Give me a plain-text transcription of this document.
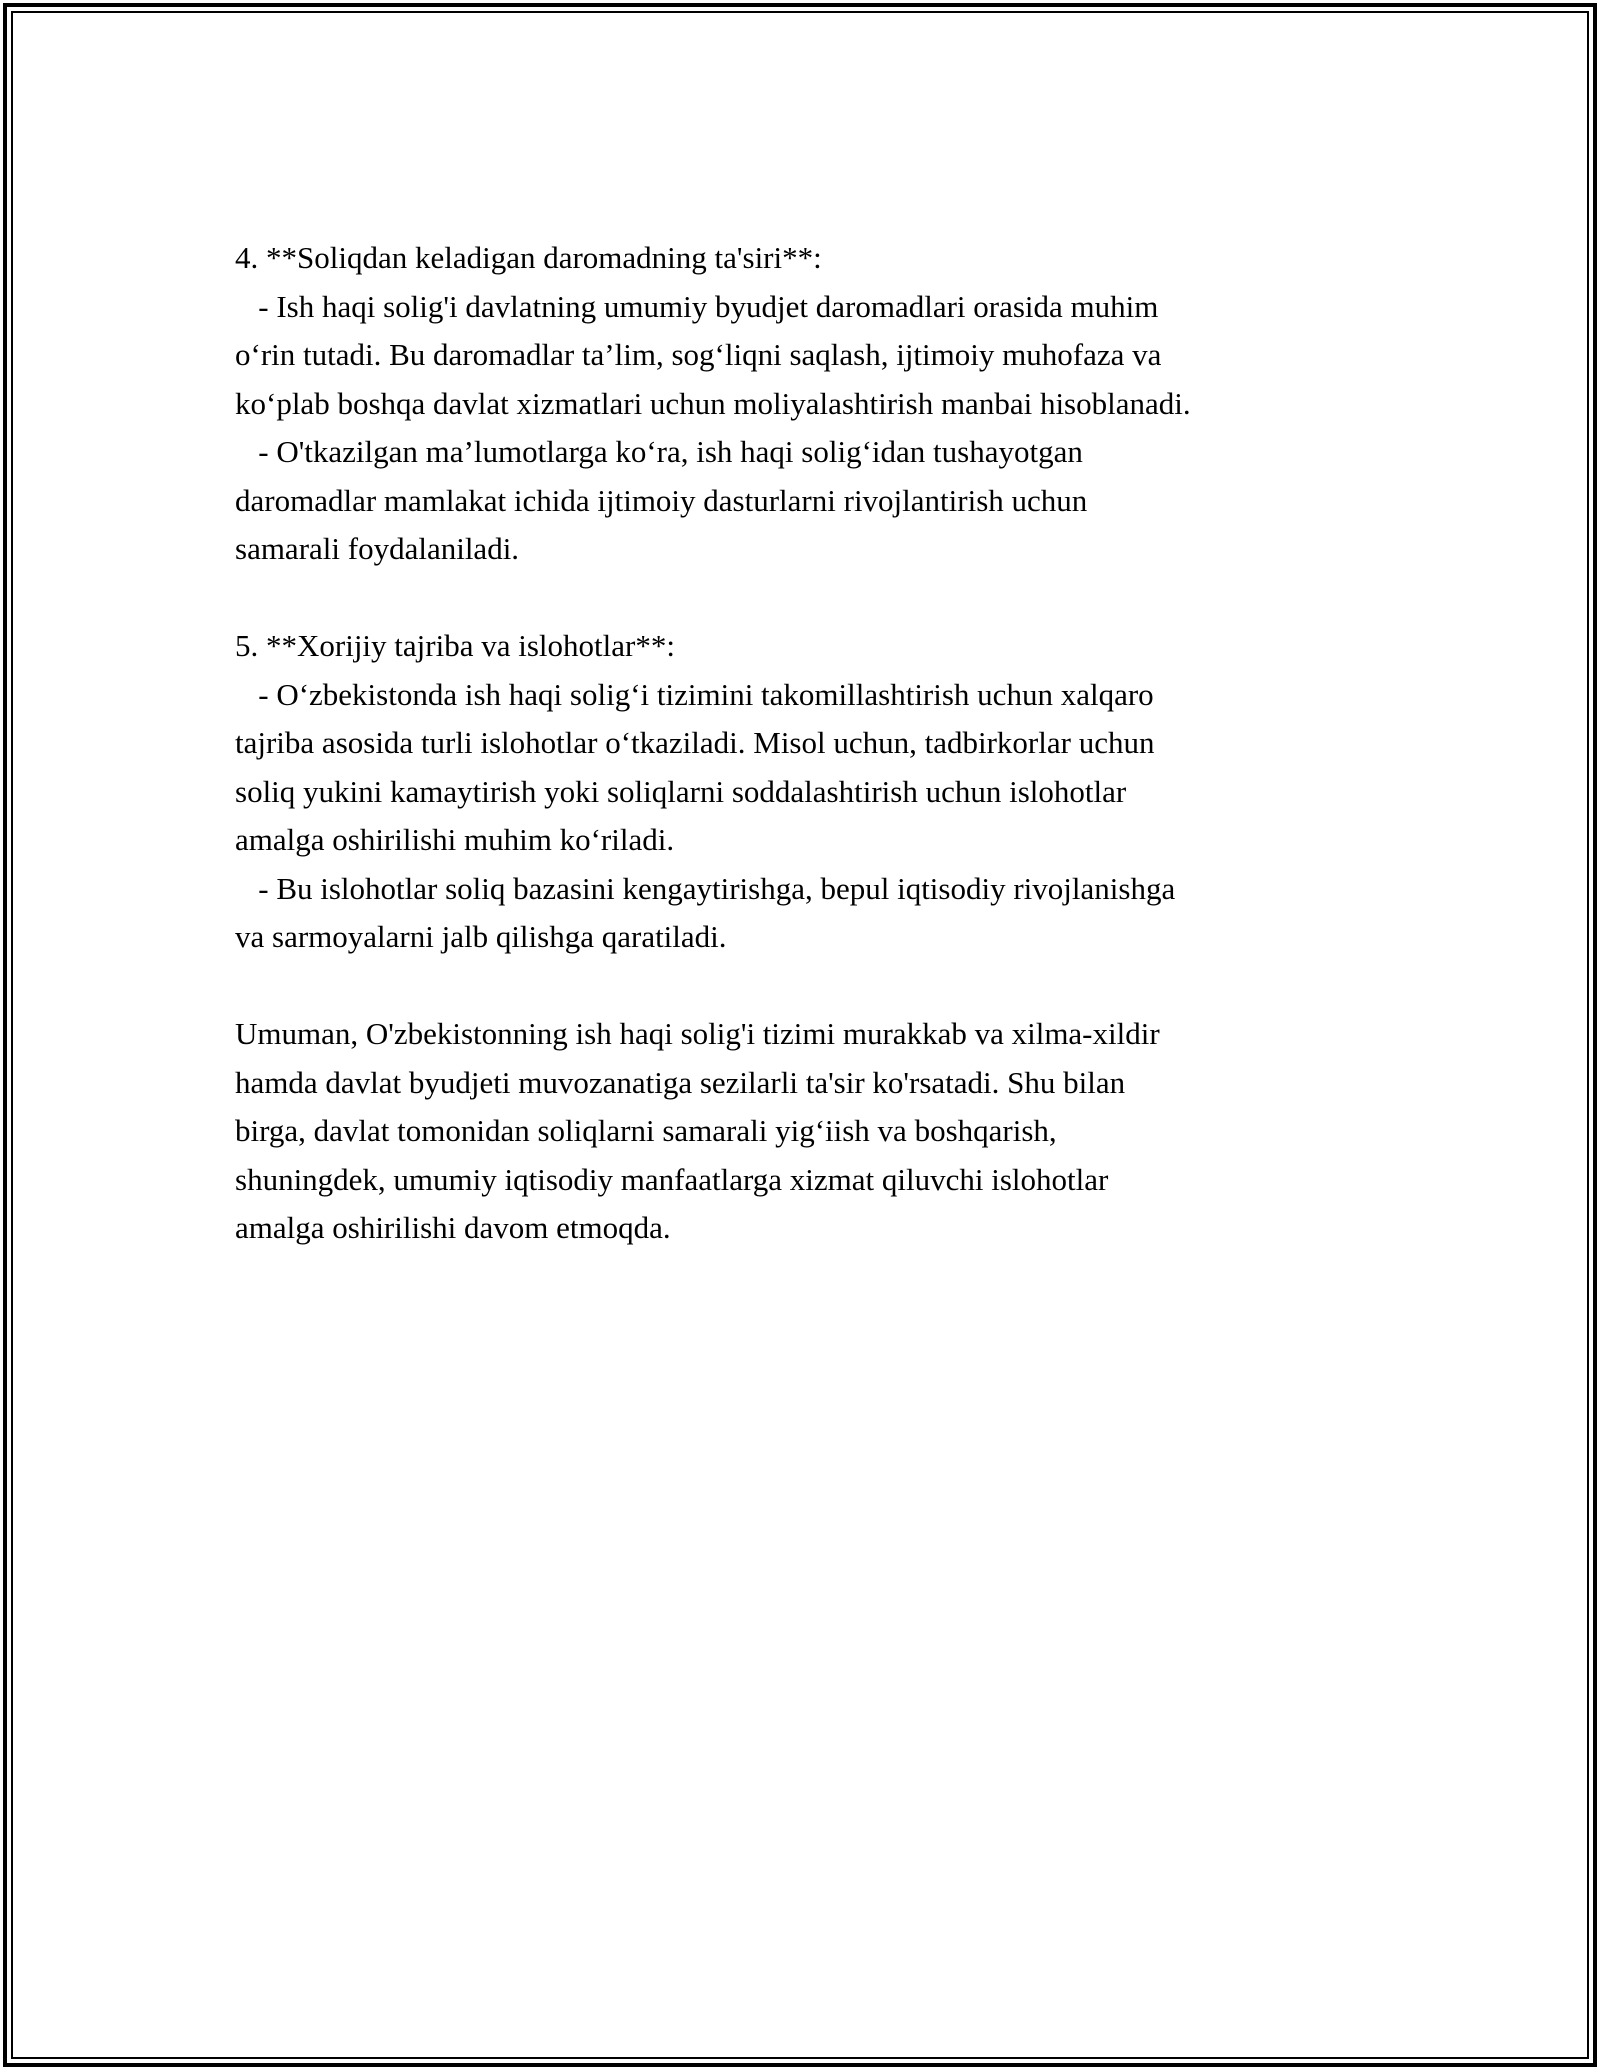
4. **Soliqdan keladigan daromadning ta'siri**:
- Ish haqi solig'i davlatning umumiy byudjet daromadlari orasida muhim
o‘rin tutadi. Bu daromadlar ta’lim, sog‘liqni saqlash, ijtimoiy muhofaza va
ko‘plab boshqa davlat xizmatlari uchun moliyalashtirish manbai hisoblanadi.
- O'tkazilgan ma’lumotlarga ko‘ra, ish haqi solig‘idan tushayotgan
daromadlar mamlakat ichida ijtimoiy dasturlarni rivojlantirish uchun
samarali foydalaniladi.
5. **Xorijiy tajriba va islohotlar**:
- O‘zbekistonda ish haqi solig‘i tizimini takomillashtirish uchun xalqaro
tajriba asosida turli islohotlar o‘tkaziladi. Misol uchun, tadbirkorlar uchun
soliq yukini kamaytirish yoki soliqlarni soddalashtirish uchun islohotlar
amalga oshirilishi muhim ko‘riladi.
- Bu islohotlar soliq bazasini kengaytirishga, bepul iqtisodiy rivojlanishga
va sarmoyalarni jalb qilishga qaratiladi.
Umuman, O'zbekistonning ish haqi solig'i tizimi murakkab va xilma-xildir
hamda davlat byudjeti muvozanatiga sezilarli ta'sir ko'rsatadi. Shu bilan
birga, davlat tomonidan soliqlarni samarali yig‘iish va boshqarish,
shuningdek, umumiy iqtisodiy manfaatlarga xizmat qiluvchi islohotlar
amalga oshirilishi davom etmoqda.
